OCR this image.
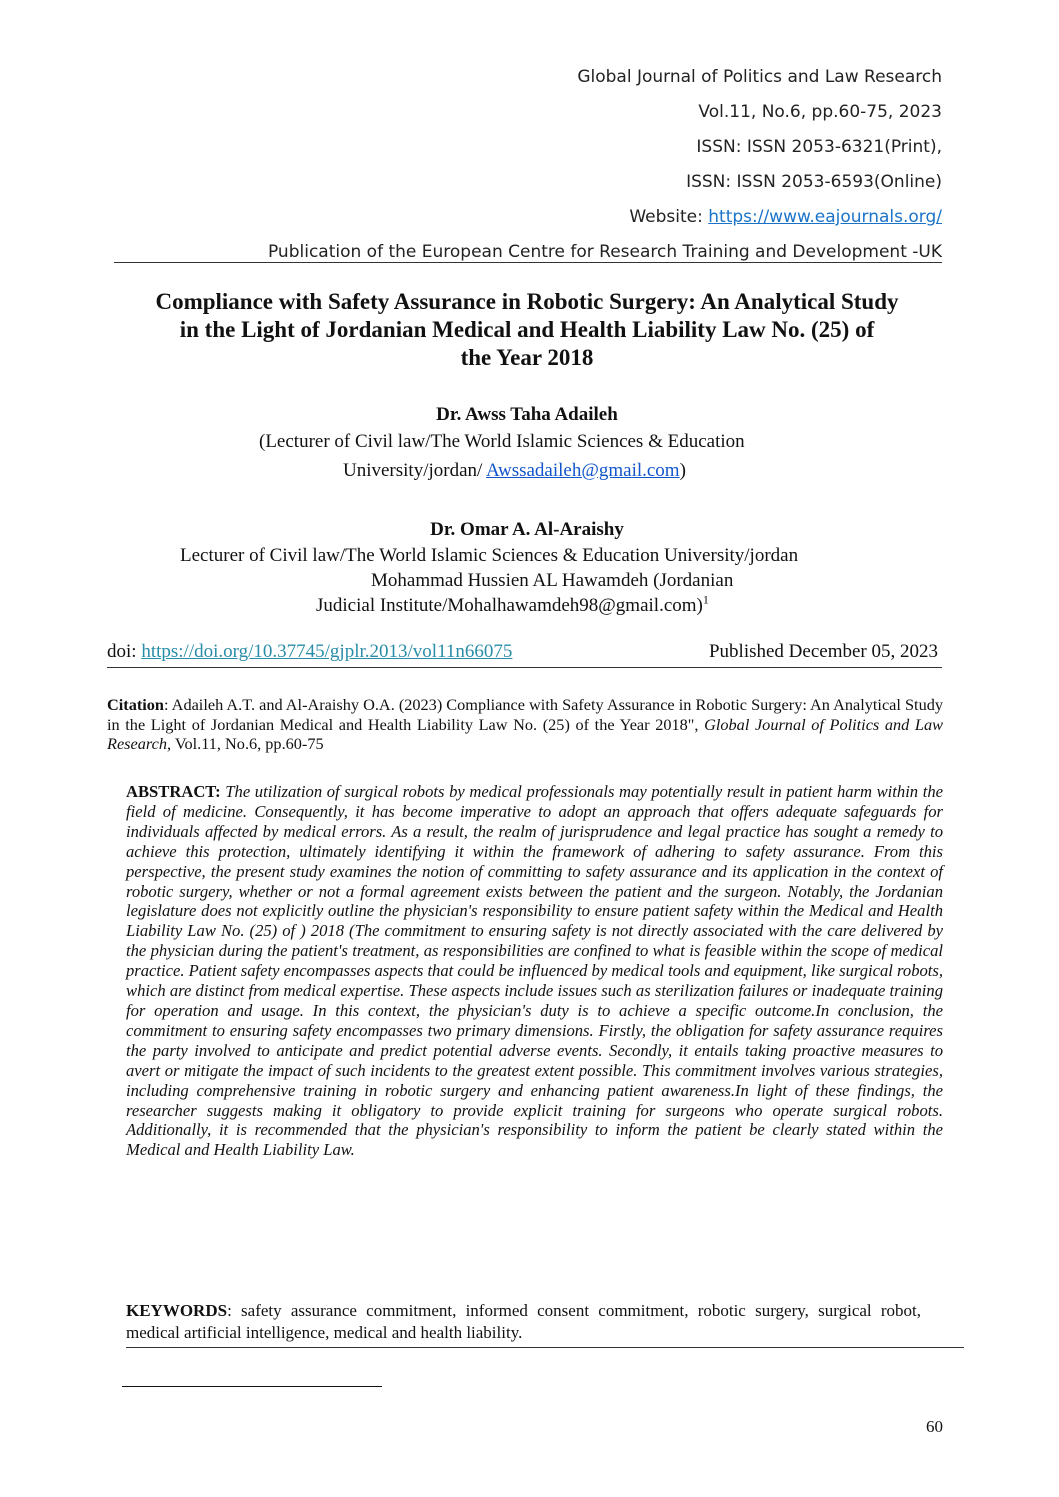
Global Journal of Politics and Law Research

Vol.11, No.6, pp.60-75, 2023

ISSN: ISSN 2053-6321(Print),

ISSN: ISSN 2053-6593(Online)

Website: https://www.eajournals.org/

Publication of the European Centre for Research Training and Development -UK

Compliance with Safety Assurance in Robotic Surgery: An Analytical Study
in the Light of Jordanian Medical and Health Liability Law No. (25) of
the Year 2018

Dr. Awss Taha Adaileh

(Lecturer of Civil law/The World Islamic Sciences & Education

University/jordan/ Awssadaileh@gmail.com)

Dr. Omar A. Al-Araishy

Lecturer of Civil law/The World Islamic Sciences & Education University/jordan

Mohammad Hussien AL Hawamdeh (Jordanian

Judicial Institute/Mohalhawamdeh98@gmail.com)$^1$

doi: https://doi.org/10.37745/gjplr.2013/vol11n66075	Published December 05, 2023

Citation: Adaileh A.T. and Al-Araishy O.A. (2023) Compliance with Safety Assurance in Robotic Surgery: An Analytical Study in the Light of Jordanian Medical and Health Liability Law No. (25) of the Year 2018", Global Journal of Politics and Law Research, Vol.11, No.6, pp.60-75

ABSTRACT: The utilization of surgical robots by medical professionals may potentially result in patient harm within the field of medicine. Consequently, it has become imperative to adopt an approach that offers adequate safeguards for individuals affected by medical errors. As a result, the realm of jurisprudence and legal practice has sought a remedy to achieve this protection, ultimately identifying it within the framework of adhering to safety assurance. From this perspective, the present study examines the notion of committing to safety assurance and its application in the context of robotic surgery, whether or not a formal agreement exists between the patient and the surgeon. Notably, the Jordanian legislature does not explicitly outline the physician's responsibility to ensure patient safety within the Medical and Health Liability Law No. (25) of ) 2018 (The commitment to ensuring safety is not directly associated with the care delivered by the physician during the patient's treatment, as responsibilities are confined to what is feasible within the scope of medical practice. Patient safety encompasses aspects that could be influenced by medical tools and equipment, like surgical robots, which are distinct from medical expertise. These aspects include issues such as sterilization failures or inadequate training for operation and usage. In this context, the physician's duty is to achieve a specific outcome.In conclusion, the commitment to ensuring safety encompasses two primary dimensions. Firstly, the obligation for safety assurance requires the party involved to anticipate and predict potential adverse events. Secondly, it entails taking proactive measures to avert or mitigate the impact of such incidents to the greatest extent possible. This commitment involves various strategies, including comprehensive training in robotic surgery and enhancing patient awareness.In light of these findings, the researcher suggests making it obligatory to provide explicit training for surgeons who operate surgical robots. Additionally, it is recommended that the physician's responsibility to inform the patient be clearly stated within the Medical and Health Liability Law.

KEYWORDS: safety assurance commitment, informed consent commitment, robotic surgery, surgical robot, medical artificial intelligence, medical and health liability.

60
